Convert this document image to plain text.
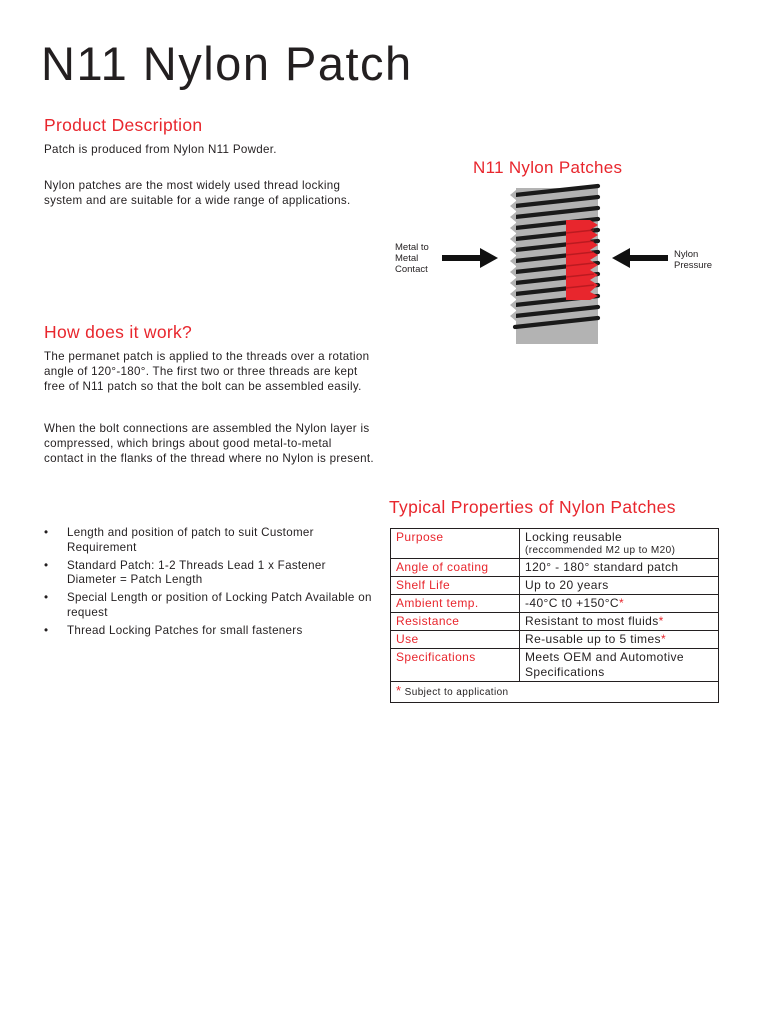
N11 Nylon Patch
Product Description

Patch is produced from Nylon N11 Powder.

Nylon patches are the most widely used thread locking system and are suitable for a wide range of applications.

How does it work?

The permanet patch is applied to the threads over a rotation angle of 120°-180°. The first two or three threads are kept free of N11 patch so that the bolt can be assembled easily.

When the bolt connections are assembled the Nylon layer is compressed, which brings about good metal-to-metal contact in the flanks of the thread where no Nylon is present.

• Length and position of patch to suit Customer Requirement
• Standard Patch: 1-2 Threads Lead 1 x Fastener Diameter = Patch Length
• Special Length or position of Locking Patch Available on request
• Thread Locking Patches for small fasteners
N11 Nylon Patches

Metal to
Metal
Contact

Nylon
Pressure

Typical Properties of Nylon Patches
Purpose	Locking reusable
(reccommended M2 up to M20)

Angle of coating	120° - 180° standard patch
Shelf Life	Up to 20 years
Ambient temp.	-40°C t0 +150°C*
Resistance	Resistant to most fluids*
Use	Re-usable up to 5 times*
Specifications	Meets OEM and Automotive Specifications
* Subject to application	
